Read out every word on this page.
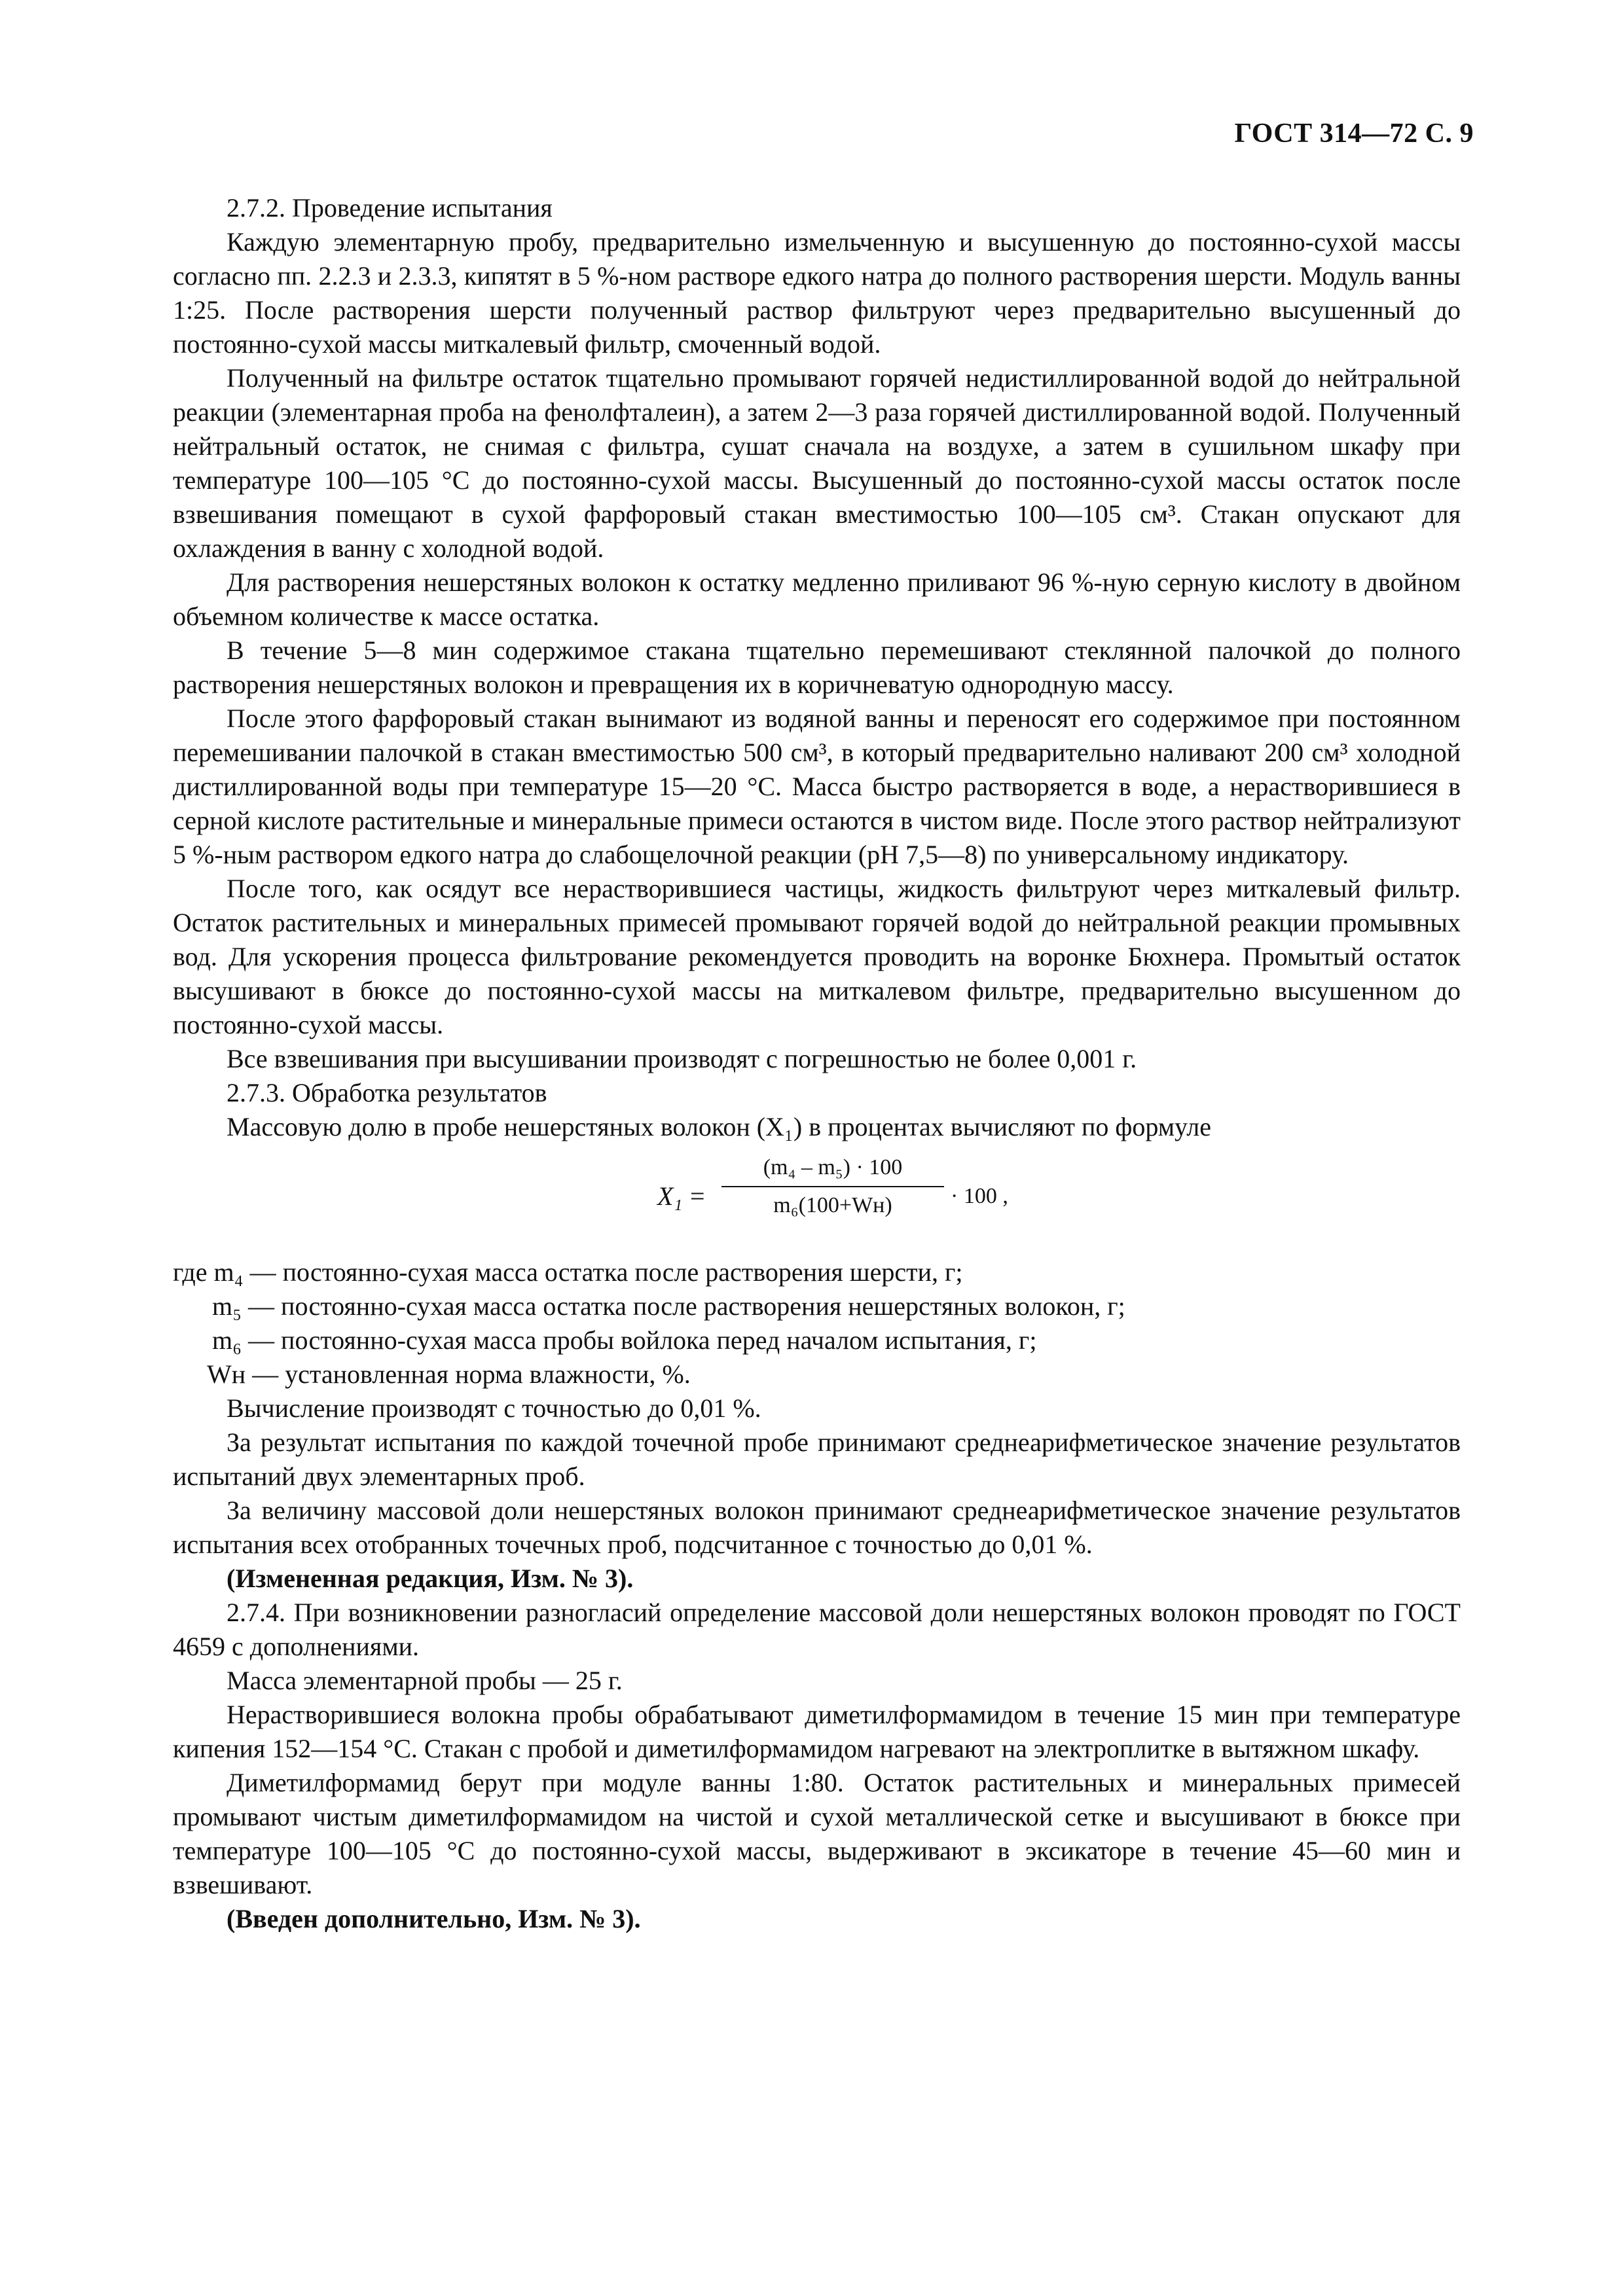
ГОСТ 314—72 С. 9

2.7.2. Проведение испытания

Каждую элементарную пробу, предварительно измельченную и высушенную до постоянно-сухой массы согласно пп. 2.2.3 и 2.3.3, кипятят в 5 %-ном растворе едкого натра до полного растворения шерсти. Модуль ванны 1:25. После растворения шерсти полученный раствор фильтруют через предварительно высушенный до постоянно-сухой массы миткалевый фильтр, смоченный водой.

Полученный на фильтре остаток тщательно промывают горячей недистиллированной водой до нейтральной реакции (элементарная проба на фенолфталеин), а затем 2—3 раза горячей дистиллированной водой. Полученный нейтральный остаток, не снимая с фильтра, сушат сначала на воздухе, а затем в сушильном шкафу при температуре 100—105 °С до постоянно-сухой массы. Высушенный до постоянно-сухой массы остаток после взвешивания помещают в сухой фарфоровый стакан вместимостью 100—105 см³. Стакан опускают для охлаждения в ванну с холодной водой.

Для растворения нешерстяных волокон к остатку медленно приливают 96 %-ную серную кислоту в двойном объемном количестве к массе остатка.

В течение 5—8 мин содержимое стакана тщательно перемешивают стеклянной палочкой до полного растворения нешерстяных волокон и превращения их в коричневатую однородную массу.

После этого фарфоровый стакан вынимают из водяной ванны и переносят его содержимое при постоянном перемешивании палочкой в стакан вместимостью 500 см³, в который предварительно наливают 200 см³ холодной дистиллированной воды при температуре 15—20 °С. Масса быстро растворяется в воде, а нерастворившиеся в серной кислоте растительные и минеральные примеси остаются в чистом виде. После этого раствор нейтрализуют 5 %-ным раствором едкого натра до слабощелочной реакции (рН 7,5—8) по универсальному индикатору.

После того, как осядут все нерастворившиеся частицы, жидкость фильтруют через миткалевый фильтр. Остаток растительных и минеральных примесей промывают горячей водой до нейтральной реакции промывных вод. Для ускорения процесса фильтрование рекомендуется проводить на воронке Бюхнера. Промытый остаток высушивают в бюксе до постоянно-сухой массы на миткалевом фильтре, предварительно высушенном до постоянно-сухой массы.

Все взвешивания при высушивании производят с погрешностью не более 0,001 г.

2.7.3. Обработка результатов

Массовую долю в пробе нешерстяных волокон (X₁) в процентах вычисляют по формуле

X₁ =
(m₄ – m₅) · 100
m₆(100+Wн)	· 100 ,

где m₄ — постоянно-сухая масса остатка после растворения шерсти, г;

m₅ — постоянно-сухая масса остатка после растворения нешерстяных волокон, г;

m₆ — постоянно-сухая масса пробы войлока перед началом испытания, г;

Wн — установленная норма влажности, %.

Вычисление производят с точностью до 0,01 %.

За результат испытания по каждой точечной пробе принимают среднеарифметическое значение результатов испытаний двух элементарных проб.

За величину массовой доли нешерстяных волокон принимают среднеарифметическое значение результатов испытания всех отобранных точечных проб, подсчитанное с точностью до 0,01 %.

(Измененная редакция, Изм. № 3).

2.7.4. При возникновении разногласий определение массовой доли нешерстяных волокон проводят по ГОСТ 4659 с дополнениями.

Масса элементарной пробы — 25 г.

Нерастворившиеся волокна пробы обрабатывают диметилформамидом в течение 15 мин при температуре кипения 152—154 °С. Стакан с пробой и диметилформамидом нагревают на электроплитке в вытяжном шкафу.

Диметилформамид берут при модуле ванны 1:80. Остаток растительных и минеральных примесей промывают чистым диметилформамидом на чистой и сухой металлической сетке и высушивают в бюксе при температуре 100—105 °С до постоянно-сухой массы, выдерживают в эксикаторе в течение 45—60 мин и взвешивают.

(Введен дополнительно, Изм. № 3).
